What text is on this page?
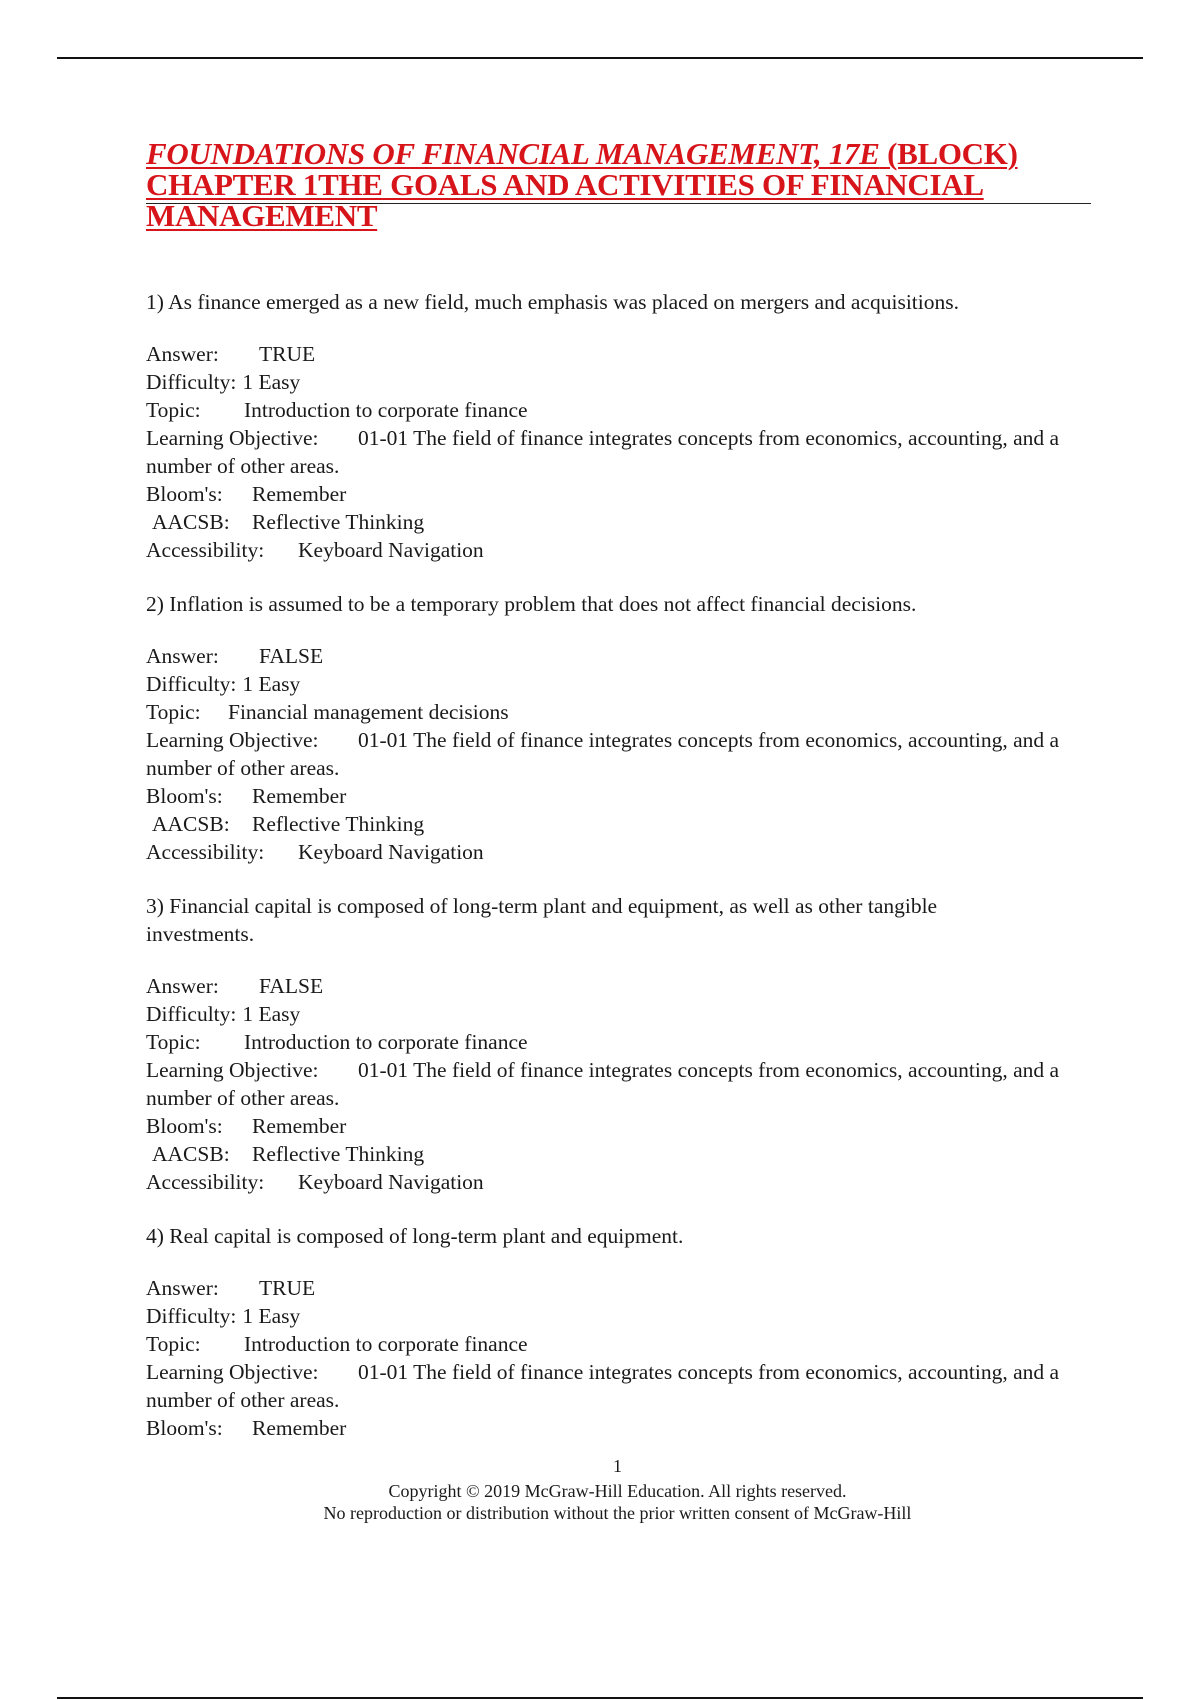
FOUNDATIONS OF FINANCIAL MANAGEMENT, 17E (BLOCK)
CHAPTER 1THE GOALS AND ACTIVITIES OF FINANCIAL
MANAGEMENT

1) As finance emerged as a new field, much emphasis was placed on mergers and acquisitions.

Answer: TRUE
Difficulty: 1 Easy
Topic: Introduction to corporate finance
Learning Objective: 01-01 The field of finance integrates concepts from economics, accounting, and a number of other areas.
Bloom's: Remember
AACSB: Reflective Thinking
Accessibility: Keyboard Navigation

2) Inflation is assumed to be a temporary problem that does not affect financial decisions.

Answer: FALSE
Difficulty: 1 Easy
Topic: Financial management decisions
Learning Objective: 01-01 The field of finance integrates concepts from economics, accounting, and a number of other areas.
Bloom's: Remember
AACSB: Reflective Thinking
Accessibility: Keyboard Navigation

3) Financial capital is composed of long-term plant and equipment, as well as other tangible investments.

Answer: FALSE
Difficulty: 1 Easy
Topic: Introduction to corporate finance
Learning Objective: 01-01 The field of finance integrates concepts from economics, accounting, and a number of other areas.
Bloom's: Remember
AACSB: Reflective Thinking
Accessibility: Keyboard Navigation

4) Real capital is composed of long-term plant and equipment.

Answer: TRUE
Difficulty: 1 Easy
Topic: Introduction to corporate finance
Learning Objective: 01-01 The field of finance integrates concepts from economics, accounting, and a number of other areas.
Bloom's: Remember
1
Copyright © 2019 McGraw-Hill Education. All rights reserved.
No reproduction or distribution without the prior written consent of McGraw-Hill
